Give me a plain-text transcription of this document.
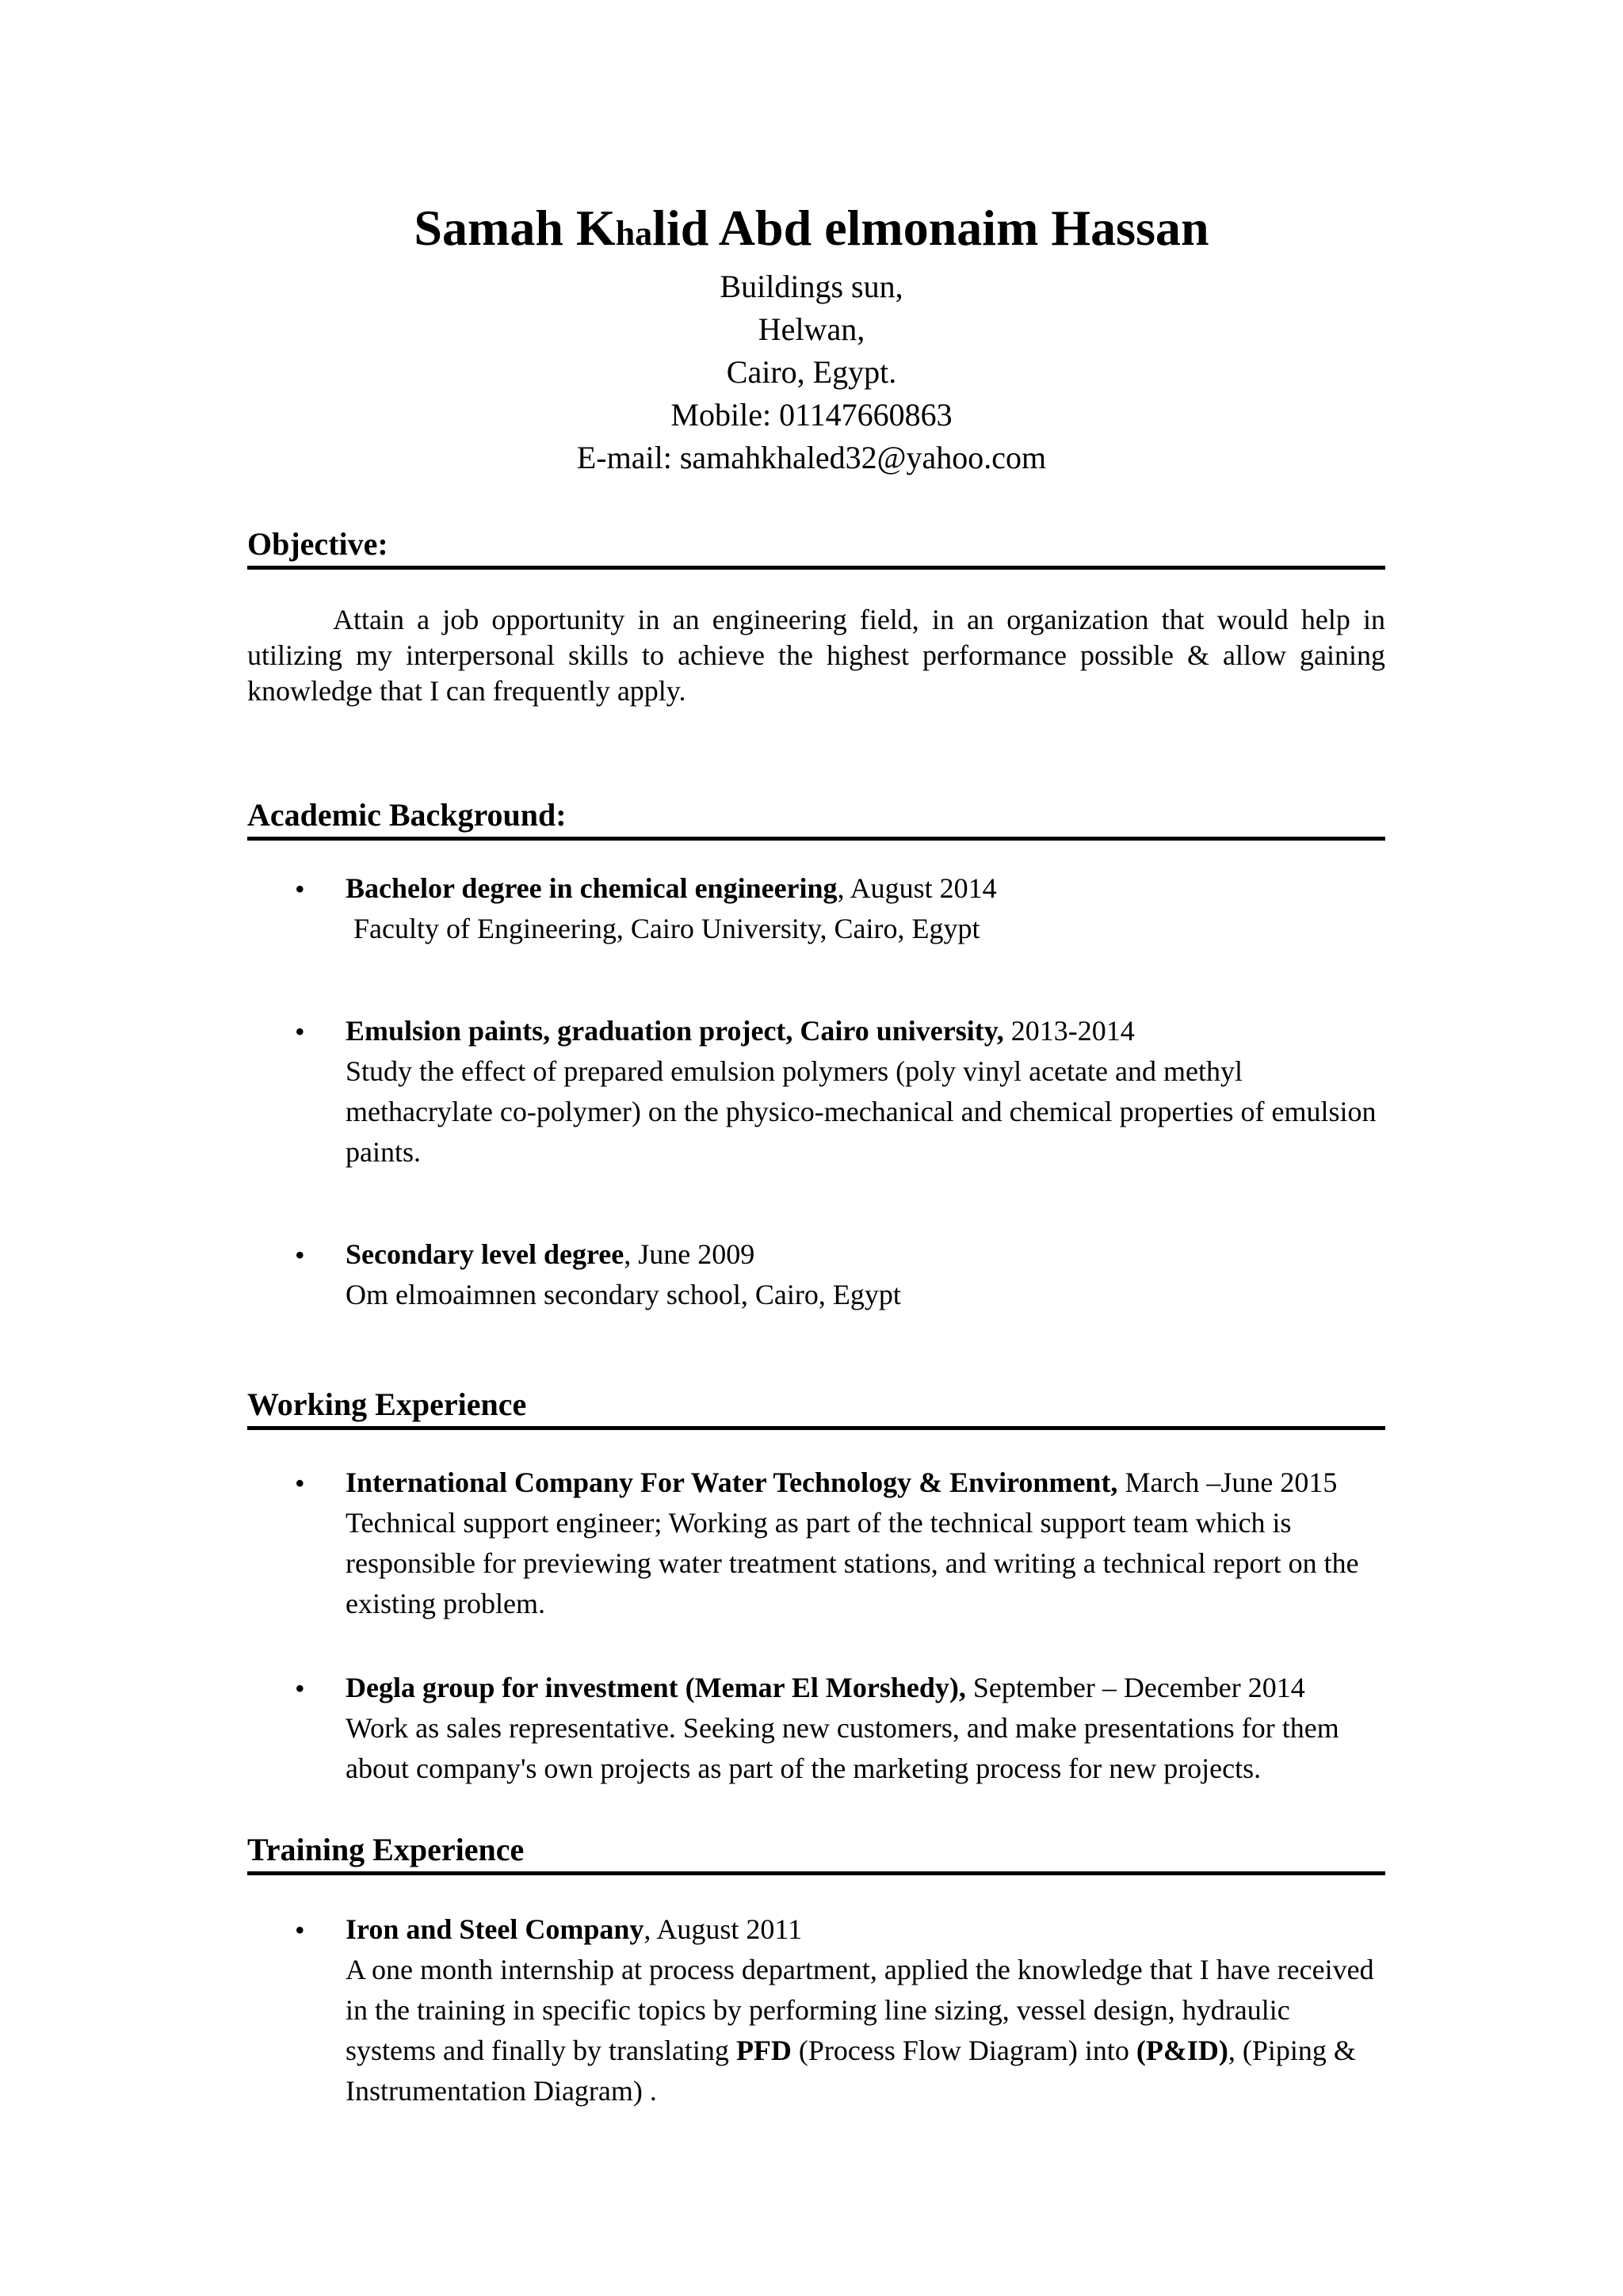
Samah Khalid Abd elmonaim Hassan

Buildings sun,

Helwan,

Cairo, Egypt.

Mobile: 01147660863

E-mail: samahkhaled32@yahoo.com

Objective:

Attain a job opportunity in an engineering field, in an organization that would help in utilizing my interpersonal skills to achieve the highest performance possible & allow gaining knowledge that I can frequently apply.

Academic Background:
• Bachelor degree in chemical engineering, August 2014

Faculty of Engineering, Cairo University, Cairo, Egypt

• Emulsion paints, graduation project, Cairo university, 2013-2014

Study the effect of prepared emulsion polymers (poly vinyl acetate and methyl methacrylate co-polymer) on the physico-mechanical and chemical properties of emulsion paints.

• Secondary level degree, June 2009

Om elmoaimnen secondary school, Cairo, Egypt

Working Experience
• International Company For Water Technology & Environment, March –June 2015

Technical support engineer; Working as part of the technical support team which is responsible for previewing water treatment stations, and writing a technical report on the existing problem.

• Degla group for investment (Memar El Morshedy), September – December 2014

Work as sales representative. Seeking new customers, and make presentations for them about company's own projects as part of the marketing process for new projects.

Training Experience
• Iron and Steel Company, August 2011

A one month internship at process department, applied the knowledge that I have received in the training in specific topics by performing line sizing, vessel design, hydraulic systems and finally by translating PFD (Process Flow Diagram) into (P&ID), (Piping & Instrumentation Diagram) .
